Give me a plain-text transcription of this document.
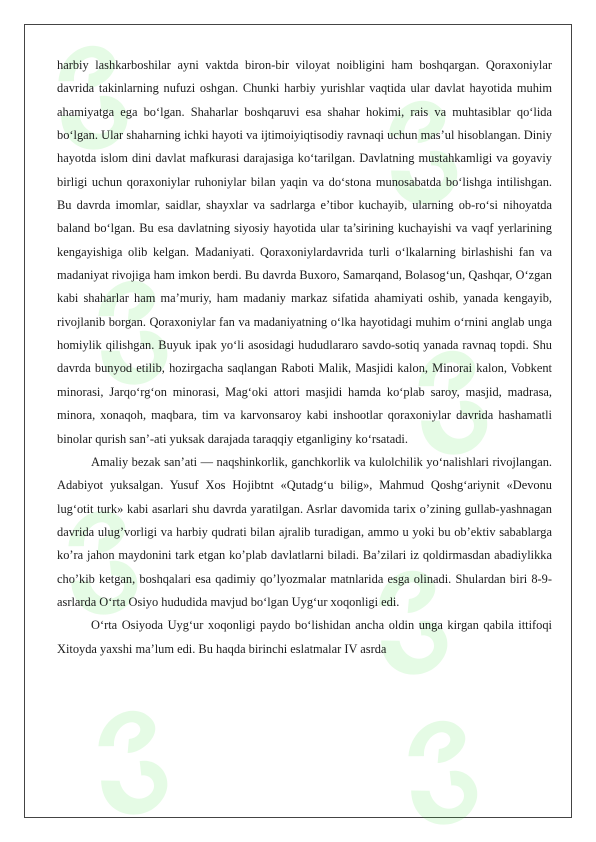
harbiy lashkarboshilar ayni vaktda biron-bir viloyat noibligini ham boshqargan. Qoraxoniylar davrida takinlarning nufuzi oshgan. Chunki harbiy yurishlar vaqtida ular davlat hayotida muhim ahamiyatga ega bo‘lgan. Shaharlar boshqaruvi esa shahar hokimi, rais va muhtasiblar qo‘lida bo‘lgan. Ular shaharning ichki hayoti va ijtimoiyiqtisodiy ravnaqi uchun mas’ul hisoblangan. Diniy hayotda islom dini davlat mafkurasi darajasiga ko‘tarilgan. Davlatning mustahkamligi va goyaviy birligi uchun qoraxoniylar ruhoniylar bilan yaqin va do‘stona munosabatda bo‘lishga intilishgan. Bu davrda imomlar, saidlar, shayxlar va sadrlarga e’tibor kuchayib, ularning ob-ro‘si nihoyatda baland bo‘lgan. Bu esa davlatning siyosiy hayotida ular ta’sirining kuchayishi va vaqf yerlarining kengayishiga olib kelgan. Madaniyati. Qoraxoniylardavrida turli o‘lkalarning birlashishi fan va madaniyat rivojiga ham imkon berdi. Bu davrda Buxoro, Samarqand, Bolasog‘un, Qashqar, O‘zgan kabi shaharlar ham ma’muriy, ham madaniy markaz sifatida ahamiyati oshib, yanada kengayib, rivojlanib borgan. Qoraxoniylar fan va madaniyatning o‘lka hayotidagi muhim o‘rnini anglab unga homiylik qilishgan. Buyuk ipak yo‘li asosidagi hududlararo savdo-sotiq yanada ravnaq topdi. Shu davrda bunyod etilib, hozirgacha saqlangan Raboti Malik, Masjidi kalon, Minorai kalon, Vobkent minorasi, Jarqo‘rg‘on minorasi, Mag‘oki attori masjidi hamda ko‘plab saroy, masjid, madrasa, minora, xonaqoh, maqbara, tim va karvonsaroy kabi inshootlar qoraxoniylar davrida hashamatli binolar qurish san’-ati yuksak darajada taraqqiy etganliginy ko‘rsatadi.

Amaliy bezak san’ati — naqshinkorlik, ganchkorlik va kulolchilik yo‘nalishlari rivojlangan. Adabiyot yuksalgan. Yusuf Xos Hojibtnt «Qutadg‘u bilig», Mahmud Qoshg‘ariynit «Devonu lug‘otit turk» kabi asarlari shu davrda yaratilgan. Asrlar davomida tarix o’zining gullab-yashnagan davrida ulug’vorligi va harbiy qudrati bilan ajralib turadigan, ammo u yoki bu ob’ektiv sabablarga ko’ra jahon maydonini tark etgan ko’plab davlatlarni biladi. Ba’zilari iz qoldirmasdan abadiylikka cho’kib ketgan, boshqalari esa qadimiy qo’lyozmalar matnlarida esga olinadi. Shulardan biri 8-9-asrlarda O‘rta Osiyo hududida mavjud bo‘lgan Uyg‘ur xoqonligi edi.

O‘rta Osiyoda Uyg‘ur xoqonligi paydo bo‘lishidan ancha oldin unga kirgan qabila ittifoqi Xitoyda yaxshi ma’lum edi. Bu haqda birinchi eslatmalar IV asrda
